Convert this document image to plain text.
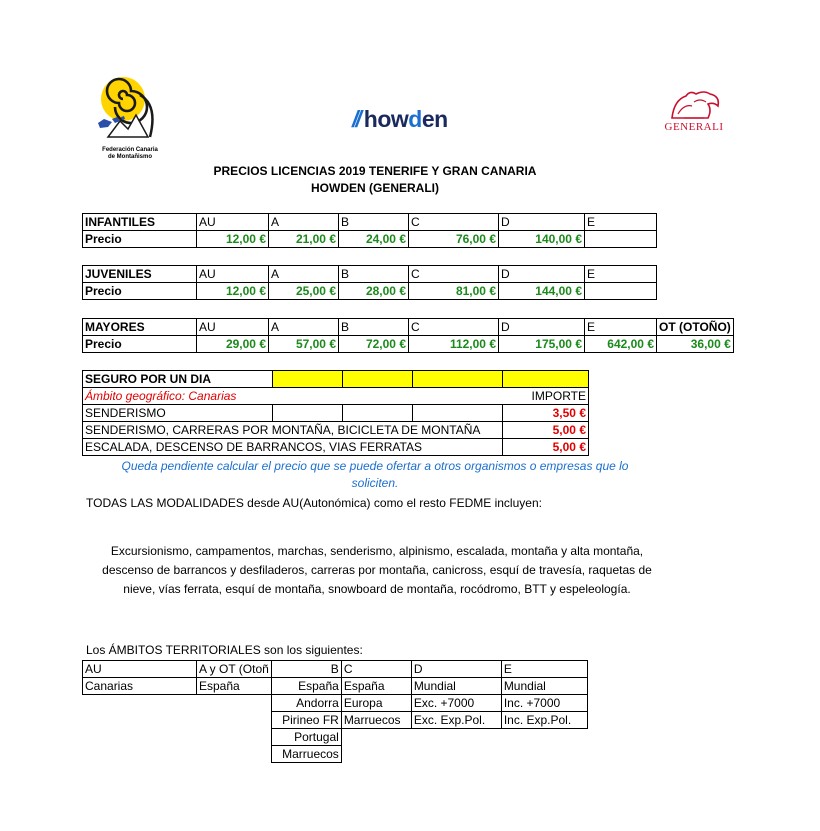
Federación Canaria
de Montañismo
// howden	GENERALI
PRECIOS LICENCIAS 2019 TENERIFE Y GRAN CANARIA
HOWDEN (GENERALI)
INFANTILES	AU	A	B	C	D	E
Precio	12,00 €	21,00 €	24,00 €	76,00 €	140,00 €	
JUVENILES	AU	A	B	C	D	E
Precio	12,00 €	25,00 €	28,00 €	81,00 €	144,00 €	
MAYORES	AU	A	B	C	D	E	OT (OTOÑO)
Precio	29,00 €	57,00 €	72,00 €	112,00 €	175,00 €	642,00 €	36,00 €
SEGURO POR UN DIA				
Ámbito geográfico: Canarias				IMPORTE
SENDERISMO				3,50 €
SENDERISMO, CARRERAS POR MONTAÑA, BICICLETA DE MONTAÑA				5,00 €
ESCALADA, DESCENSO DE BARRANCOS, VIAS FERRATAS				5,00 €
Queda pendiente calcular el precio que se puede ofertar a otros organismos o empresas que lo
soliciten.
TODAS LAS MODALIDADES desde AU(Autonómica) como el resto FEDME incluyen:
Excursionismo, campamentos, marchas, senderismo, alpinismo, escalada, montaña y alta montaña,
descenso de barrancos y desfiladeros, carreras por montaña, canicross, esquí de travesía, raquetas de
nieve, vías ferrata, esquí de montaña, snowboard de montaña, rocódromo, BTT y espeleología.
Los ÁMBITOS TERRITORIALES son los siguientes:
AU	A y OT (Otoñ	B	C	D	E
Canarias	España	España	España	Mundial	Mundial
		Andorra	Europa	Exc. +7000	Inc. +7000
		Pirineo FR	Marruecos	Exc. Exp.Pol.	Inc. Exp.Pol.
		Portugal			
		Marruecos			
